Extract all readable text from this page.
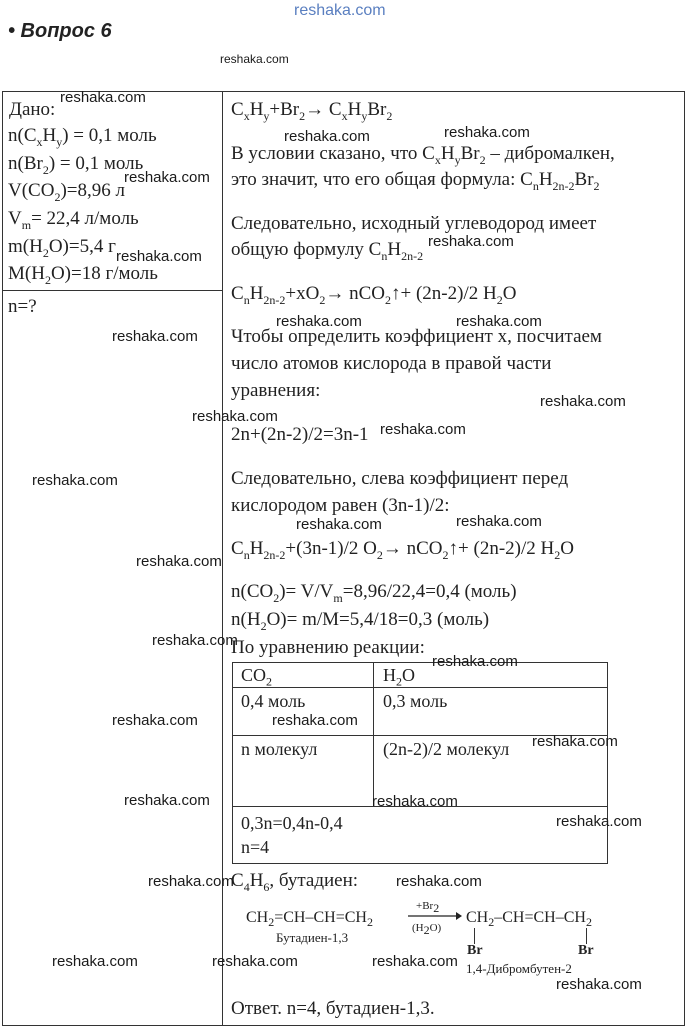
reshaka.com
• Вопрос 6
reshaka.com
Дано:
$n(C_xH_y) = 0,1$ моль
$n(Br_2) = 0,1$ моль
$V(CO_2)=8,96$ л
$V_m= 22,4$ л/моль
$m(H_2O)=5,4$ г
$M(H_2O)=18$ г/моль
n=?
$C_xH_y+Br_2\to C_xH_yBr_2$
В условии сказано, что $C_xH_yBr_2$ – дибромалкен,
это значит, что его общая формула: $C_nH_{2n-2}Br_2$
Следовательно, исходный углеводород имеет
общую формулу $C_nH_{2n-2}$
$C_nH_{2n-2}+xO_2\to$ nCO$_2$↑+ (2n-2)/2 $H_2O$
Чтобы определить коэффициент x, посчитаем
число атомов кислорода в правой части
уравнения:
2n+(2n-2)/2=3n-1
Следовательно, слева коэффициент перед
кислородом равен (3n-1)/2:
$C_nH_{2n-2}+(3n-1)/2$ $O_2\to$ nCO$_2$↑+ (2n-2)/2 $H_2O$
$n(CO_2)= V/V_m=8,96/22,4=0,4$ (моль)
$n(H_2O)= m/M=5,4/18=0,3$ (моль)
По уравнению реакции:
$CO_2$	$H_2O$
0,4 моль	0,3 моль
n молекул	(2n-2)/2 молекул
0,3n=0,4n-0,4
n=4
$C_4H_6$, бутадиен:
$CH_2=CH-CH=CH_2$
Бутадиен-1,3
$+Br_2$
$(H_2O)$
→ $CH_2-CH=CH-CH_2$
Br	Br
1,4-Дибромбутен-2
Ответ. n=4, бутадиен-1,3.
reshaka.com
reshaka.com	reshaka.com
reshaka.com
reshaka.com
reshaka.com
reshaka.com	reshaka.com
reshaka.com
reshaka.com
reshaka.com
reshaka.com
reshaka.com
reshaka.com	reshaka.com
reshaka.com
reshaka.com
reshaka.com
reshaka.com	reshaka.com
reshaka.com
reshaka.com	reshaka.com
reshaka.com
reshaka.com	reshaka.com
reshaka.com	reshaka.com	reshaka.com
reshaka.com
